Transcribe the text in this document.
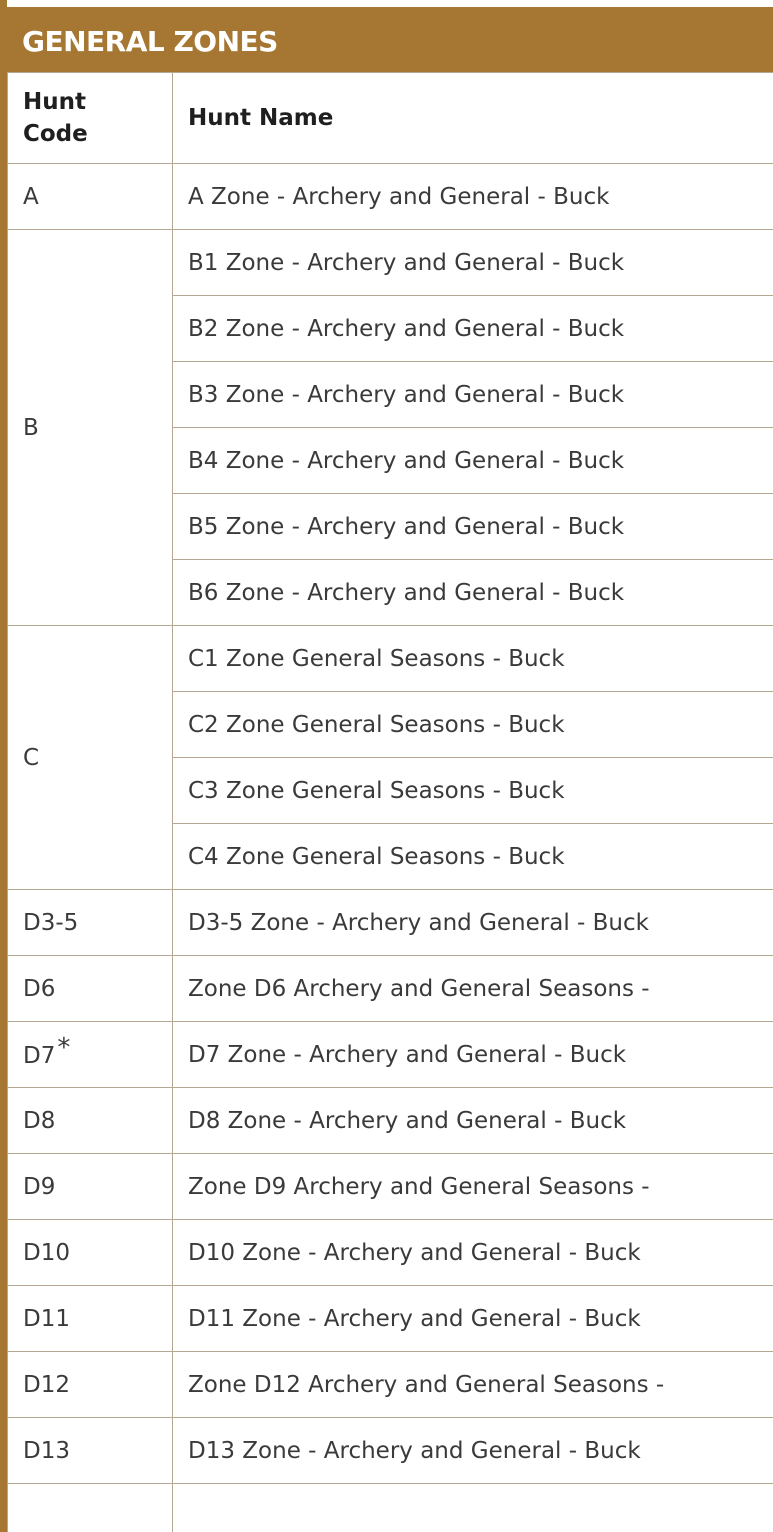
GENERAL ZONES
Hunt
Code	Hunt Name
A	A Zone - Archery and General - Buck
B	B1 Zone - Archery and General - Buck
	B2 Zone - Archery and General - Buck
	B3 Zone - Archery and General - Buck
	B4 Zone - Archery and General - Buck
	B5 Zone - Archery and General - Buck
	B6 Zone - Archery and General - Buck
C	C1 Zone General Seasons - Buck
	C2 Zone General Seasons - Buck
	C3 Zone General Seasons - Buck
	C4 Zone General Seasons - Buck
D3-5	D3-5 Zone - Archery and General - Buck
D6	Zone D6 Archery and General Seasons -
D7*	D7 Zone - Archery and General - Buck
D8	D8 Zone - Archery and General - Buck
D9	Zone D9 Archery and General Seasons -
D10	D10 Zone - Archery and General - Buck
D11	D11 Zone - Archery and General - Buck
D12	Zone D12 Archery and General Seasons -
D13	D13 Zone - Archery and General - Buck
